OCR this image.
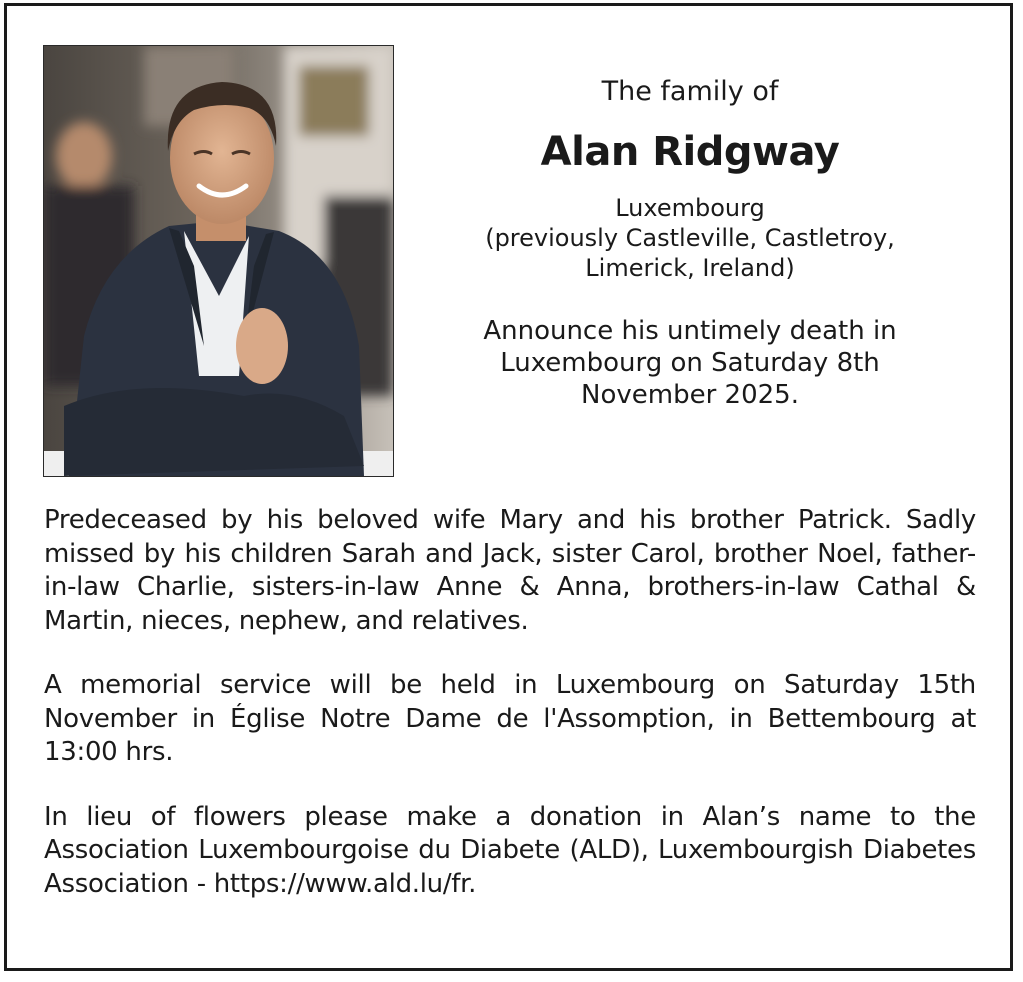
The family of

Alan Ridgway

Luxembourg
(previously Castleville, Castletroy,
Limerick, Ireland)

Announce his untimely death in Luxembourg on Saturday 8th November 2025.

Predeceased by his beloved wife Mary and his brother Patrick. Sadly missed by his children Sarah and Jack, sister Carol, brother Noel, father-in-law Charlie, sisters-in-law Anne & Anna, brothers-in-law Cathal & Martin, nieces, nephew, and relatives.

A memorial service will be held in Luxembourg on Saturday 15th November in Église Notre Dame de l'Assomption, in Bettembourg at 13:00 hrs.

In lieu of flowers please make a donation in Alan’s name to the Association Luxembourgoise du Diabete (ALD), Luxembourgish Diabetes Association - https://www.ald.lu/fr.
